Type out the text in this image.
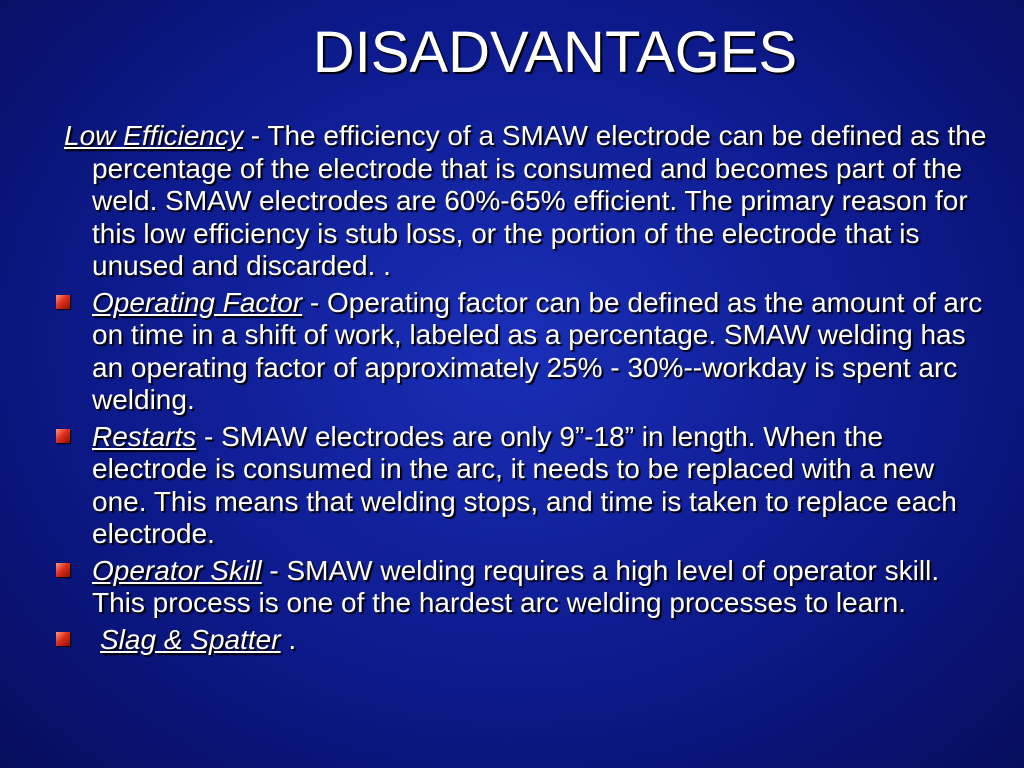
DISADVANTAGES
Low Efficiency - The efficiency of a SMAW electrode can be defined as the percentage of the electrode that is consumed and becomes part of the weld. SMAW electrodes are 60%-65% efficient. The primary reason for this low efficiency is stub loss, or the portion of the electrode that is unused and discarded. .
Operating Factor - Operating factor can be defined as the amount of arc on time in a shift of work, labeled as a percentage. SMAW welding has an operating factor of approximately 25% - 30%--workday is spent arc welding.
Restarts - SMAW electrodes are only 9”-18” in length. When the electrode is consumed in the arc, it needs to be replaced with a new one. This means that welding stops, and time is taken to replace each electrode.
Operator Skill - SMAW welding requires a high level of operator skill. This process is one of the hardest arc welding processes to learn.
Slag & Spatter .
